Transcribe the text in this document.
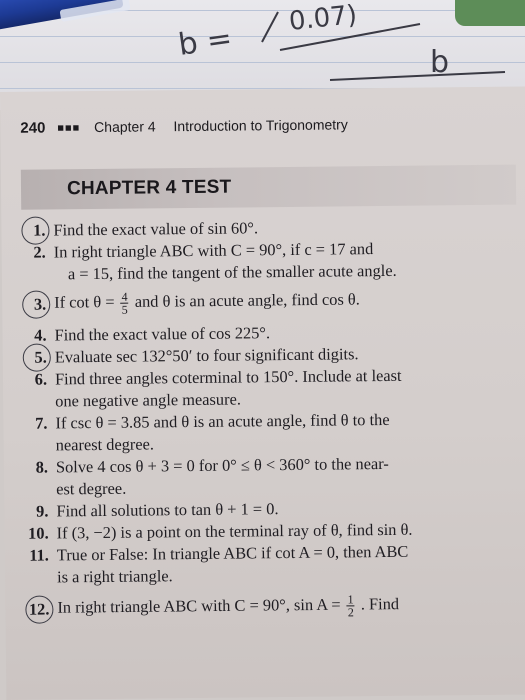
b =
0.07)
b
240 ■■■ Chapter 4 Introduction to Trigonometry
CHAPTER 4 TEST
1. Find the exact value of sin 60°.
2. In right triangle ABC with C = 90°, if c = 17 and
a = 15, find the tangent of the smaller acute angle.
3. If $\cot \theta = \frac{4}{5}$ and θ is an acute angle, find cos θ.
4. Find the exact value of cos 225°.
5. Evaluate sec 132°50′ to four significant digits.
6. Find three angles coterminal to 150°. Include at least
one negative angle measure.
7. If csc θ = 3.85 and θ is an acute angle, find θ to the
nearest degree.
8. Solve 4 cos θ + 3 = 0 for 0° ≤ θ < 360° to the near-
est degree.
9. Find all solutions to tan θ + 1 = 0.
10. If (3, −2) is a point on the terminal ray of θ, find sin θ.
11. True or False: In triangle ABC if cot A = 0, then ABC
is a right triangle.
12. In right triangle ABC with C = 90°, $\sin A = \frac{1}{2}$ . Find
